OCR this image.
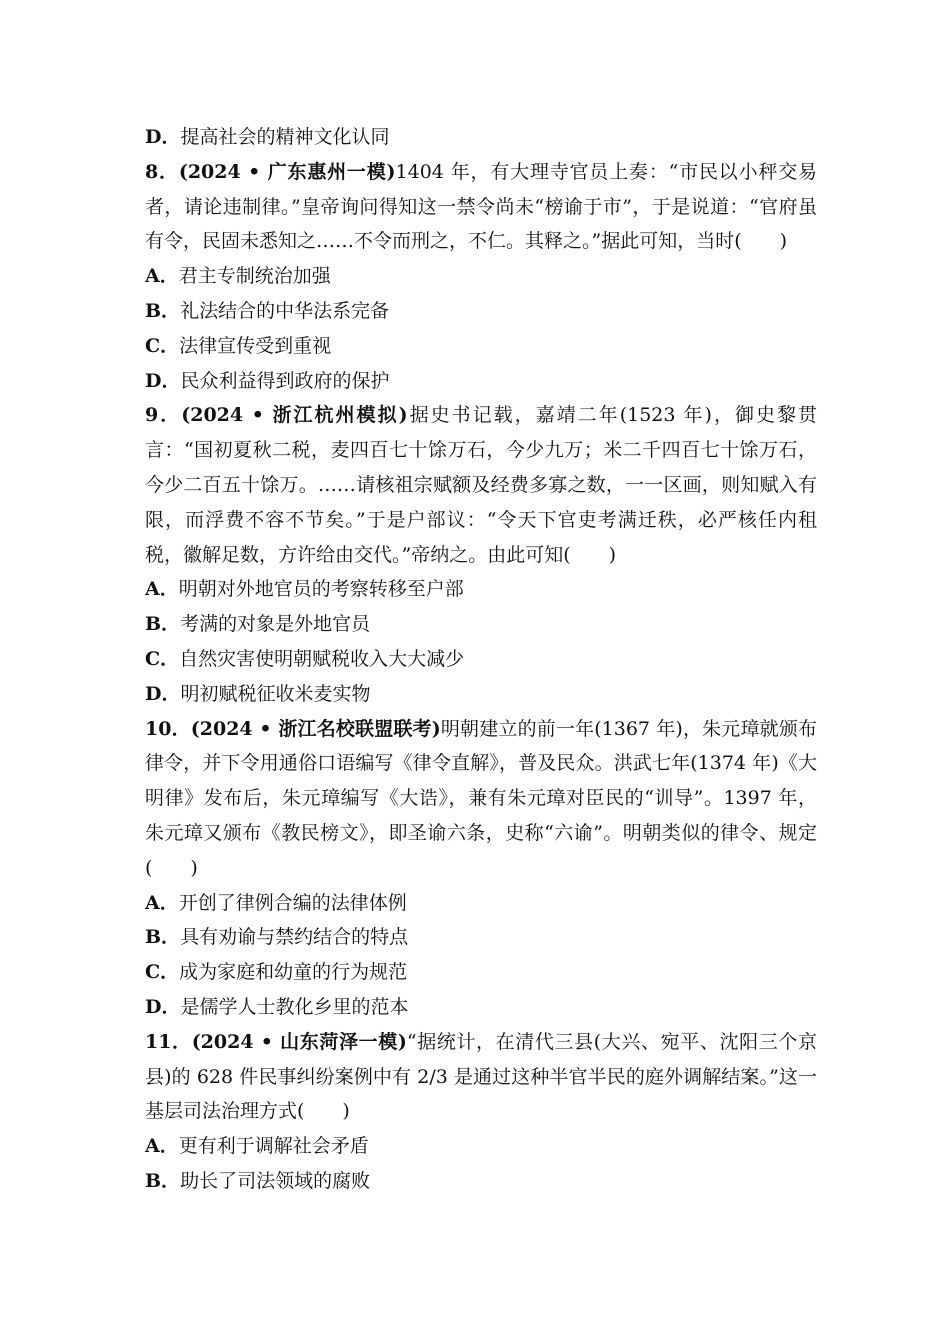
D．提高社会的精神文化认同
8．(2024 • 广东惠州一模)1404 年，有大理寺官员上奏：“市民以小秤交易者，请论违制律。”皇帝询问得知这一禁令尚未“榜谕于市”，于是说道：“官府虽有令，民固未悉知之……不令而刑之，不仁。其释之。”据此可知，当时(　　)
A．君主专制统治加强
B．礼法结合的中华法系完备
C．法律宣传受到重视
D．民众利益得到政府的保护
9．(2024 • 浙江杭州模拟)据史书记载，嘉靖二年(1523 年)，御史黎贯言：“国初夏秋二税，麦四百七十馀万石，今少九万；米二千四百七十馀万石，今少二百五十馀万。……请核祖宗赋额及经费多寡之数，一一区画，则知赋入有限，而浮费不容不节矣。”于是户部议：“令天下官吏考满迁秩，必严核任内租税，徽解足数，方许给由交代。”帝纳之。由此可知(　　)
A．明朝对外地官员的考察转移至户部
B．考满的对象是外地官员
C．自然灾害使明朝赋税收入大大减少
D．明初赋税征收米麦实物
10．(2024 • 浙江名校联盟联考)明朝建立的前一年(1367 年)，朱元璋就颁布律令，并下令用通俗口语编写《律令直解》，普及民众。洪武七年(1374 年)《大明律》发布后，朱元璋编写《大诰》，兼有朱元璋对臣民的“训导”。1397 年，朱元璋又颁布《教民榜文》，即圣谕六条，史称“六谕”。明朝类似的律令、规定(　　)
A．开创了律例合编的法律体例
B．具有劝谕与禁约结合的特点
C．成为家庭和幼童的行为规范
D．是儒学人士教化乡里的范本
11．(2024 • 山东菏泽一模)“据统计，在清代三县(大兴、宛平、沈阳三个京县)的 628 件民事纠纷案例中有 2/3 是通过这种半官半民的庭外调解结案。”这一基层司法治理方式(　　)
A．更有利于调解社会矛盾
B．助长了司法领域的腐败
